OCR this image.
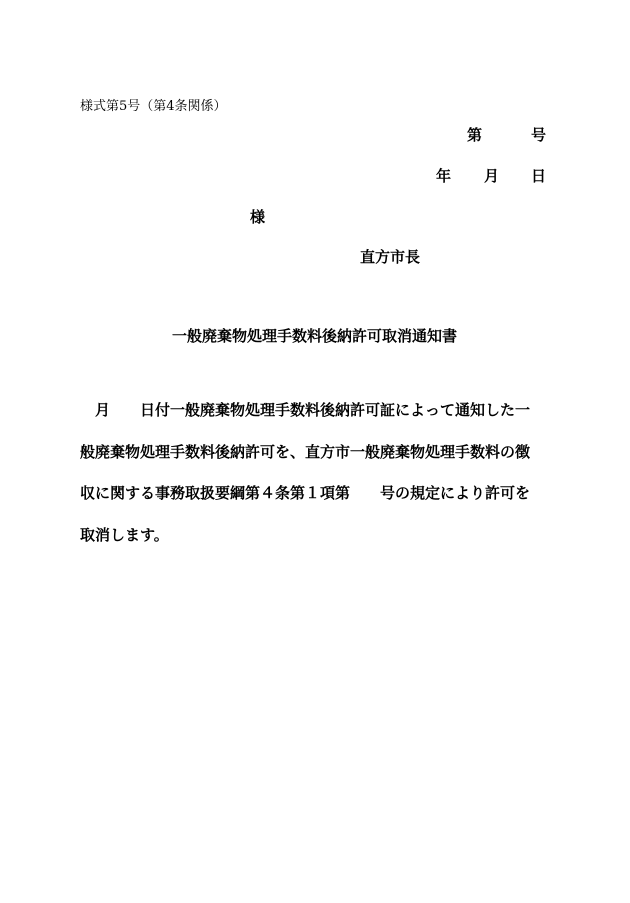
様式第5号（第4条関係）
第	号
年 月 日
様
直方市長
一般廃棄物処理手数料後納許可取消通知書
月 日付一般廃棄物処理手数料後納許可証によって通知した一
般廃棄物処理手数料後納許可を、直方市一般廃棄物処理手数料の徴
収に関する事務取扱要綱第４条第１項第 号の規定により許可を
取消します。
